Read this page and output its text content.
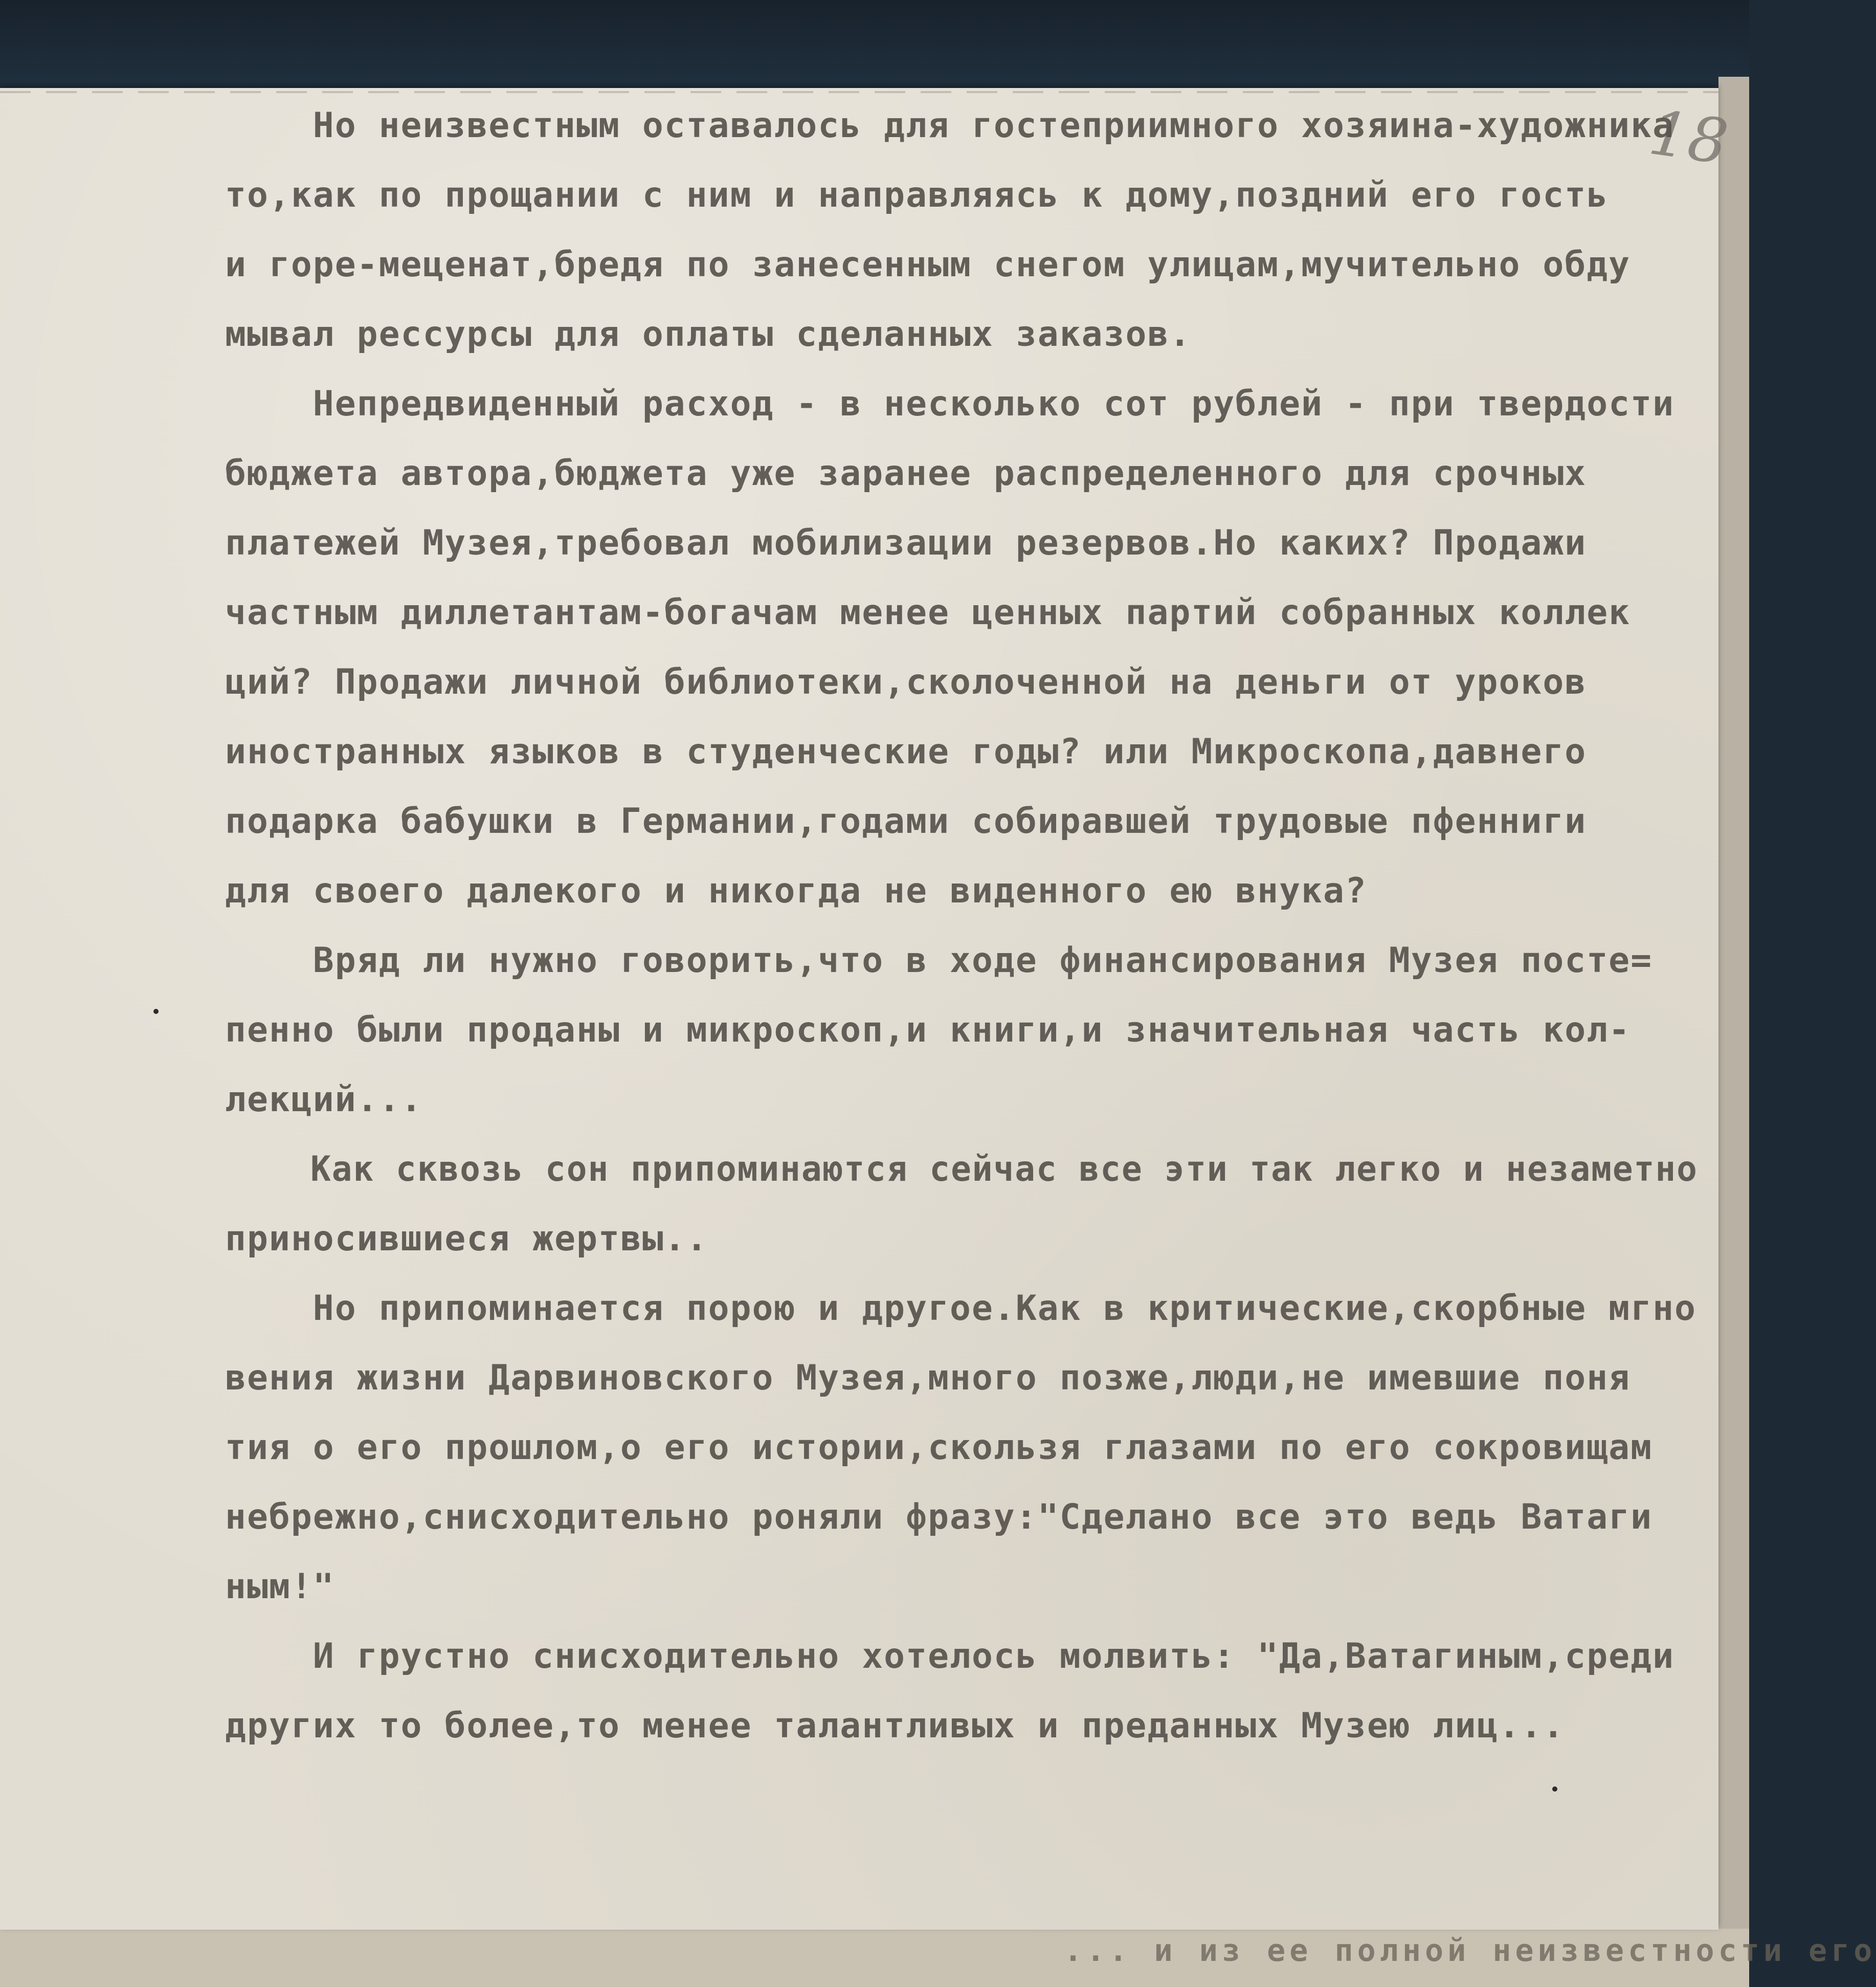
... и из ее полной неизвестности его
18
Но неизвестным оставалось для гостеприимного хозяина-художника
то,как по прощании с ним и направляясь к дому,поздний его гость
и горе-меценат,бредя по занесенным снегом улицам,мучительно обду
мывал рессурсы для оплаты сделанных заказов.
Непредвиденный расход - в несколько сот рублей - при твердости
бюджета автора,бюджета уже заранее распределенного для срочных
платежей Музея,требовал мобилизации резервов.Но каких? Продажи
частным диллетантам-богачам менее ценных партий собранных коллек
ций? Продажи личной библиотеки,сколоченной на деньги от уроков
иностранных языков в студенческие годы? или Микроскопа,давнего
подарка бабушки в Германии,годами собиравшей трудовые пфенниги
для своего далекого и никогда не виденного ею внука?
Вряд ли нужно говорить,что в ходе финансирования Музея посте=
пенно были проданы и микроскоп,и книги,и значительная часть кол-
лекций...
Как сквозь сон припоминаются сейчас все эти так легко и незаметно
приносившиеся жертвы..
Но припоминается порою и другое.Как в критические,скорбные мгно
вения жизни Дарвиновского Музея,много позже,люди,не имевшие поня
тия о его прошлом,о его истории,скользя глазами по его сокровищам
небрежно,снисходительно роняли фразу:"Сделано все это ведь Ватаги
ным!"
И грустно снисходительно хотелось молвить: "Да,Ватагиным,среди
других то более,то менее талантливых и преданных Музею лиц...
